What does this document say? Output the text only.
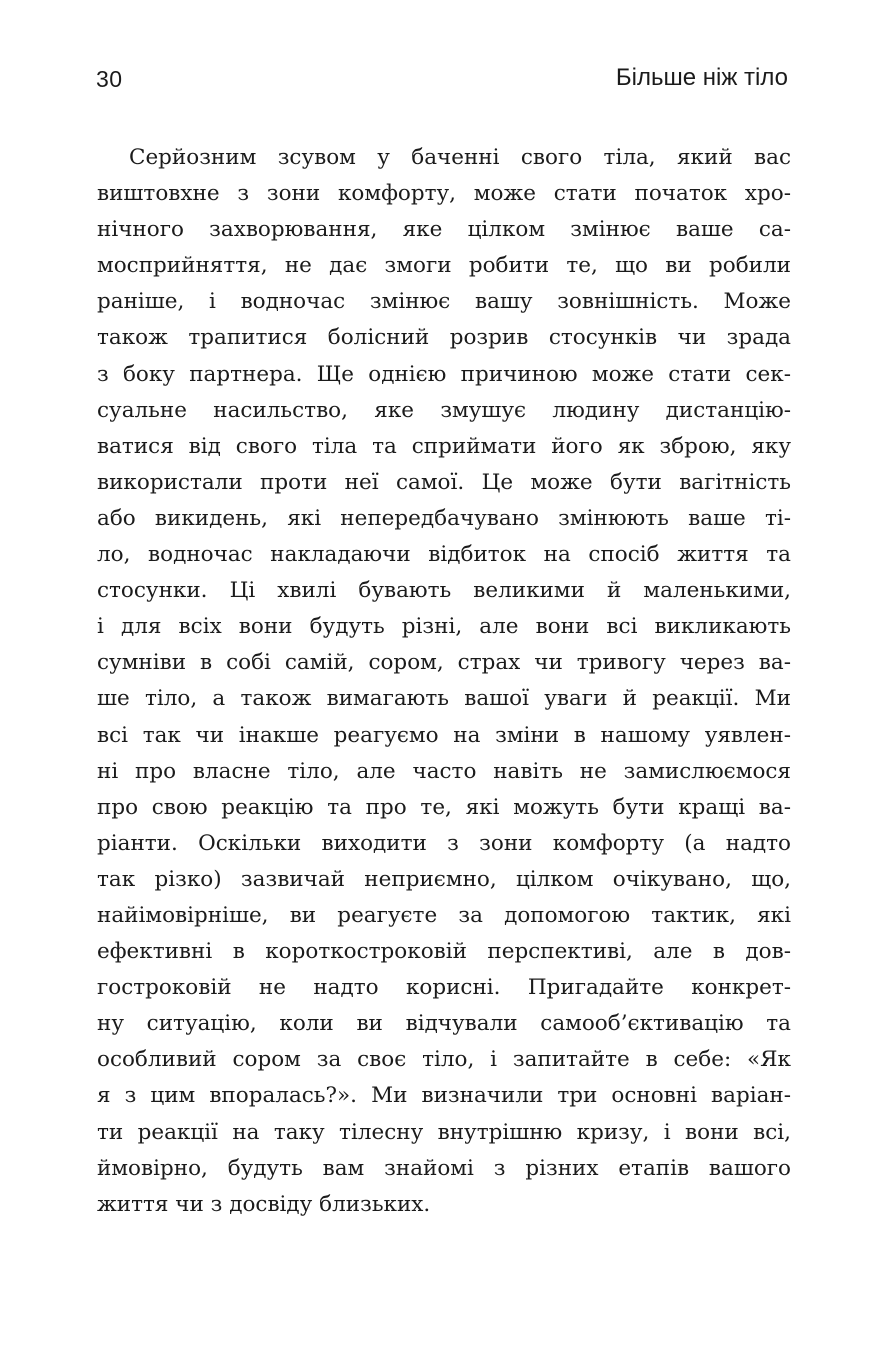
30	Більше ніж тіло
Серйозним зсувом у баченні свого тіла, який вас
виштовхне з зони комфорту, може стати початок хро-
нічного захворювання, яке цілком змінює ваше са-
мосприйняття, не дає змоги робити те, що ви робили
раніше, і водночас змінює вашу зовнішність. Може
також трапитися болісний розрив стосунків чи зрада
з боку партнера. Ще однією причиною може стати сек-
суальне насильство, яке змушує людину дистанцію-
ватися від свого тіла та сприймати його як зброю, яку
використали проти неї самої. Це може бути вагітність
або викидень, які непередбачувано змінюють ваше ті-
ло, водночас накладаючи відбиток на спосіб життя та
стосунки. Ці хвилі бувають великими й маленькими,
і для всіх вони будуть різні, але вони всі викликають
сумніви в собі самій, сором, страх чи тривогу через ва-
ше тіло, а також вимагають вашої уваги й реакції. Ми
всі так чи інакше реагуємо на зміни в нашому уявлен-
ні про власне тіло, але часто навіть не замислюємося
про свою реакцію та про те, які можуть бути кращі ва-
ріанти. Оскільки виходити з зони комфорту (а надто
так різко) зазвичай неприємно, цілком очікувано, що,
найімовірніше, ви реагуєте за допомогою тактик, які
ефективні в короткостроковій перспективі, але в дов-
гостроковій не надто корисні. Пригадайте конкрет-
ну ситуацію, коли ви відчували самооб’єктивацію та
особливий сором за своє тіло, і запитайте в себе: «Як
я з цим впоралась?». Ми визначили три основні варіан-
ти реакції на таку тілесну внутрішню кризу, і вони всі,
ймовірно, будуть вам знайомі з різних етапів вашого
життя чи з досвіду близьких.
